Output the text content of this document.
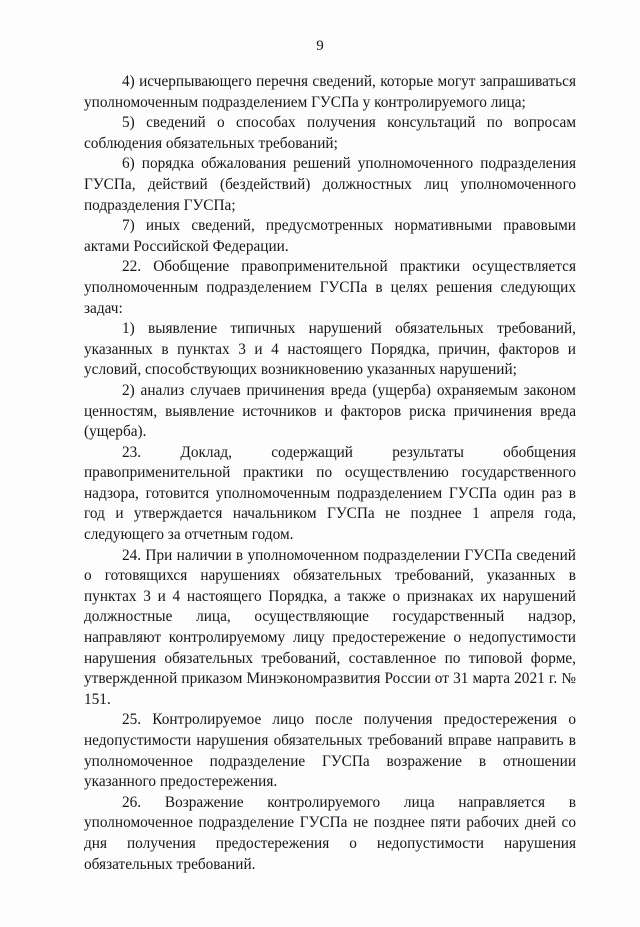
9

4) исчерпывающего перечня сведений, которые могут запрашиваться уполномоченным подразделением ГУСПа у контролируемого лица;

5) сведений о способах получения консультаций по вопросам соблюдения обязательных требований;

6) порядка обжалования решений уполномоченного подразделения ГУСПа, действий (бездействий) должностных лиц уполномоченного подразделения ГУСПа;

7) иных сведений, предусмотренных нормативными правовыми актами Российской Федерации.

22. Обобщение правоприменительной практики осуществляется уполномоченным подразделением ГУСПа в целях решения следующих задач:

1) выявление типичных нарушений обязательных требований, указанных в пунктах 3 и 4 настоящего Порядка, причин, факторов и условий, способствующих возникновению указанных нарушений;

2) анализ случаев причинения вреда (ущерба) охраняемым законом ценностям, выявление источников и факторов риска причинения вреда (ущерба).

23. Доклад, содержащий результаты обобщения правоприменительной практики по осуществлению государственного надзора, готовится уполномоченным подразделением ГУСПа один раз в год и утверждается начальником ГУСПа не позднее 1 апреля года, следующего за отчетным годом.

24. При наличии в уполномоченном подразделении ГУСПа сведений о готовящихся нарушениях обязательных требований, указанных в пунктах 3 и 4 настоящего Порядка, а также о признаках их нарушений должностные лица, осуществляющие государственный надзор, направляют контролируемому лицу предостережение о недопустимости нарушения обязательных требований, составленное по типовой форме, утвержденной приказом Минэкономразвития России от 31 марта 2021 г. № 151.

25. Контролируемое лицо после получения предостережения о недопустимости нарушения обязательных требований вправе направить в уполномоченное подразделение ГУСПа возражение в отношении указанного предостережения.

26. Возражение контролируемого лица направляется в уполномоченное подразделение ГУСПа не позднее пяти рабочих дней со дня получения предостережения о недопустимости нарушения обязательных требований.
